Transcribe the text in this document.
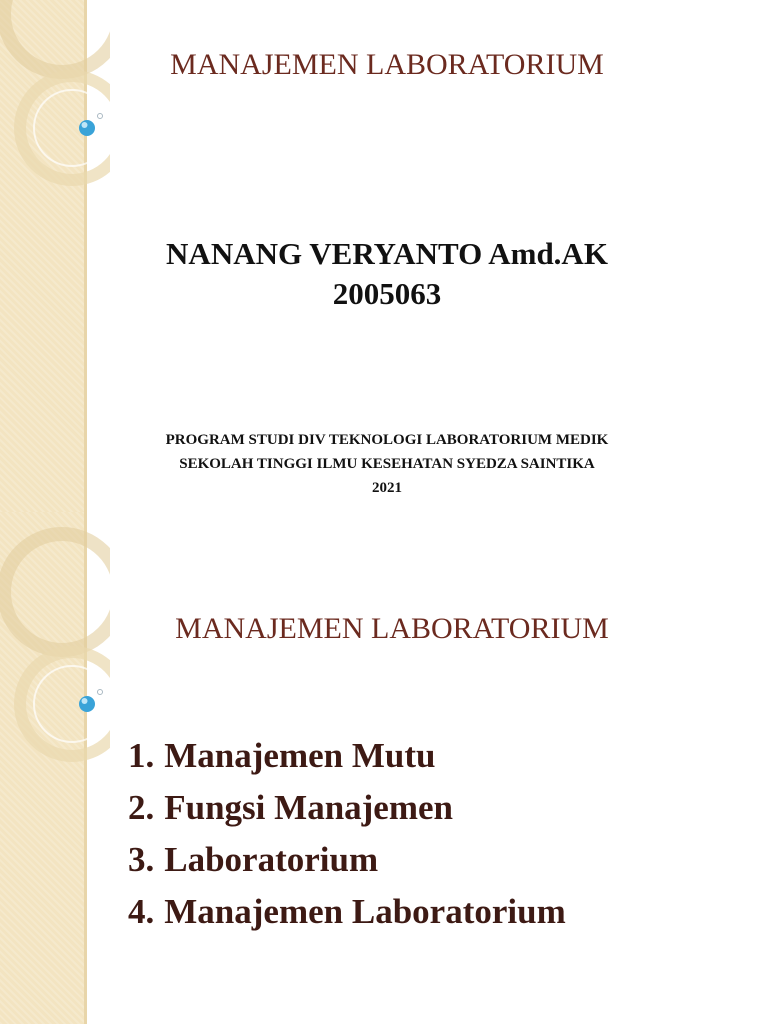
MANAJEMEN LABORATORIUM
NANANG VERYANTO Amd.AK
2005063
PROGRAM STUDI DIV TEKNOLOGI LABORATORIUM MEDIK
SEKOLAH TINGGI ILMU KESEHATAN SYEDZA SAINTIKA
2021
MANAJEMEN LABORATORIUM
1. Manajemen Mutu
2. Fungsi Manajemen
3. Laboratorium
4. Manajemen Laboratorium
